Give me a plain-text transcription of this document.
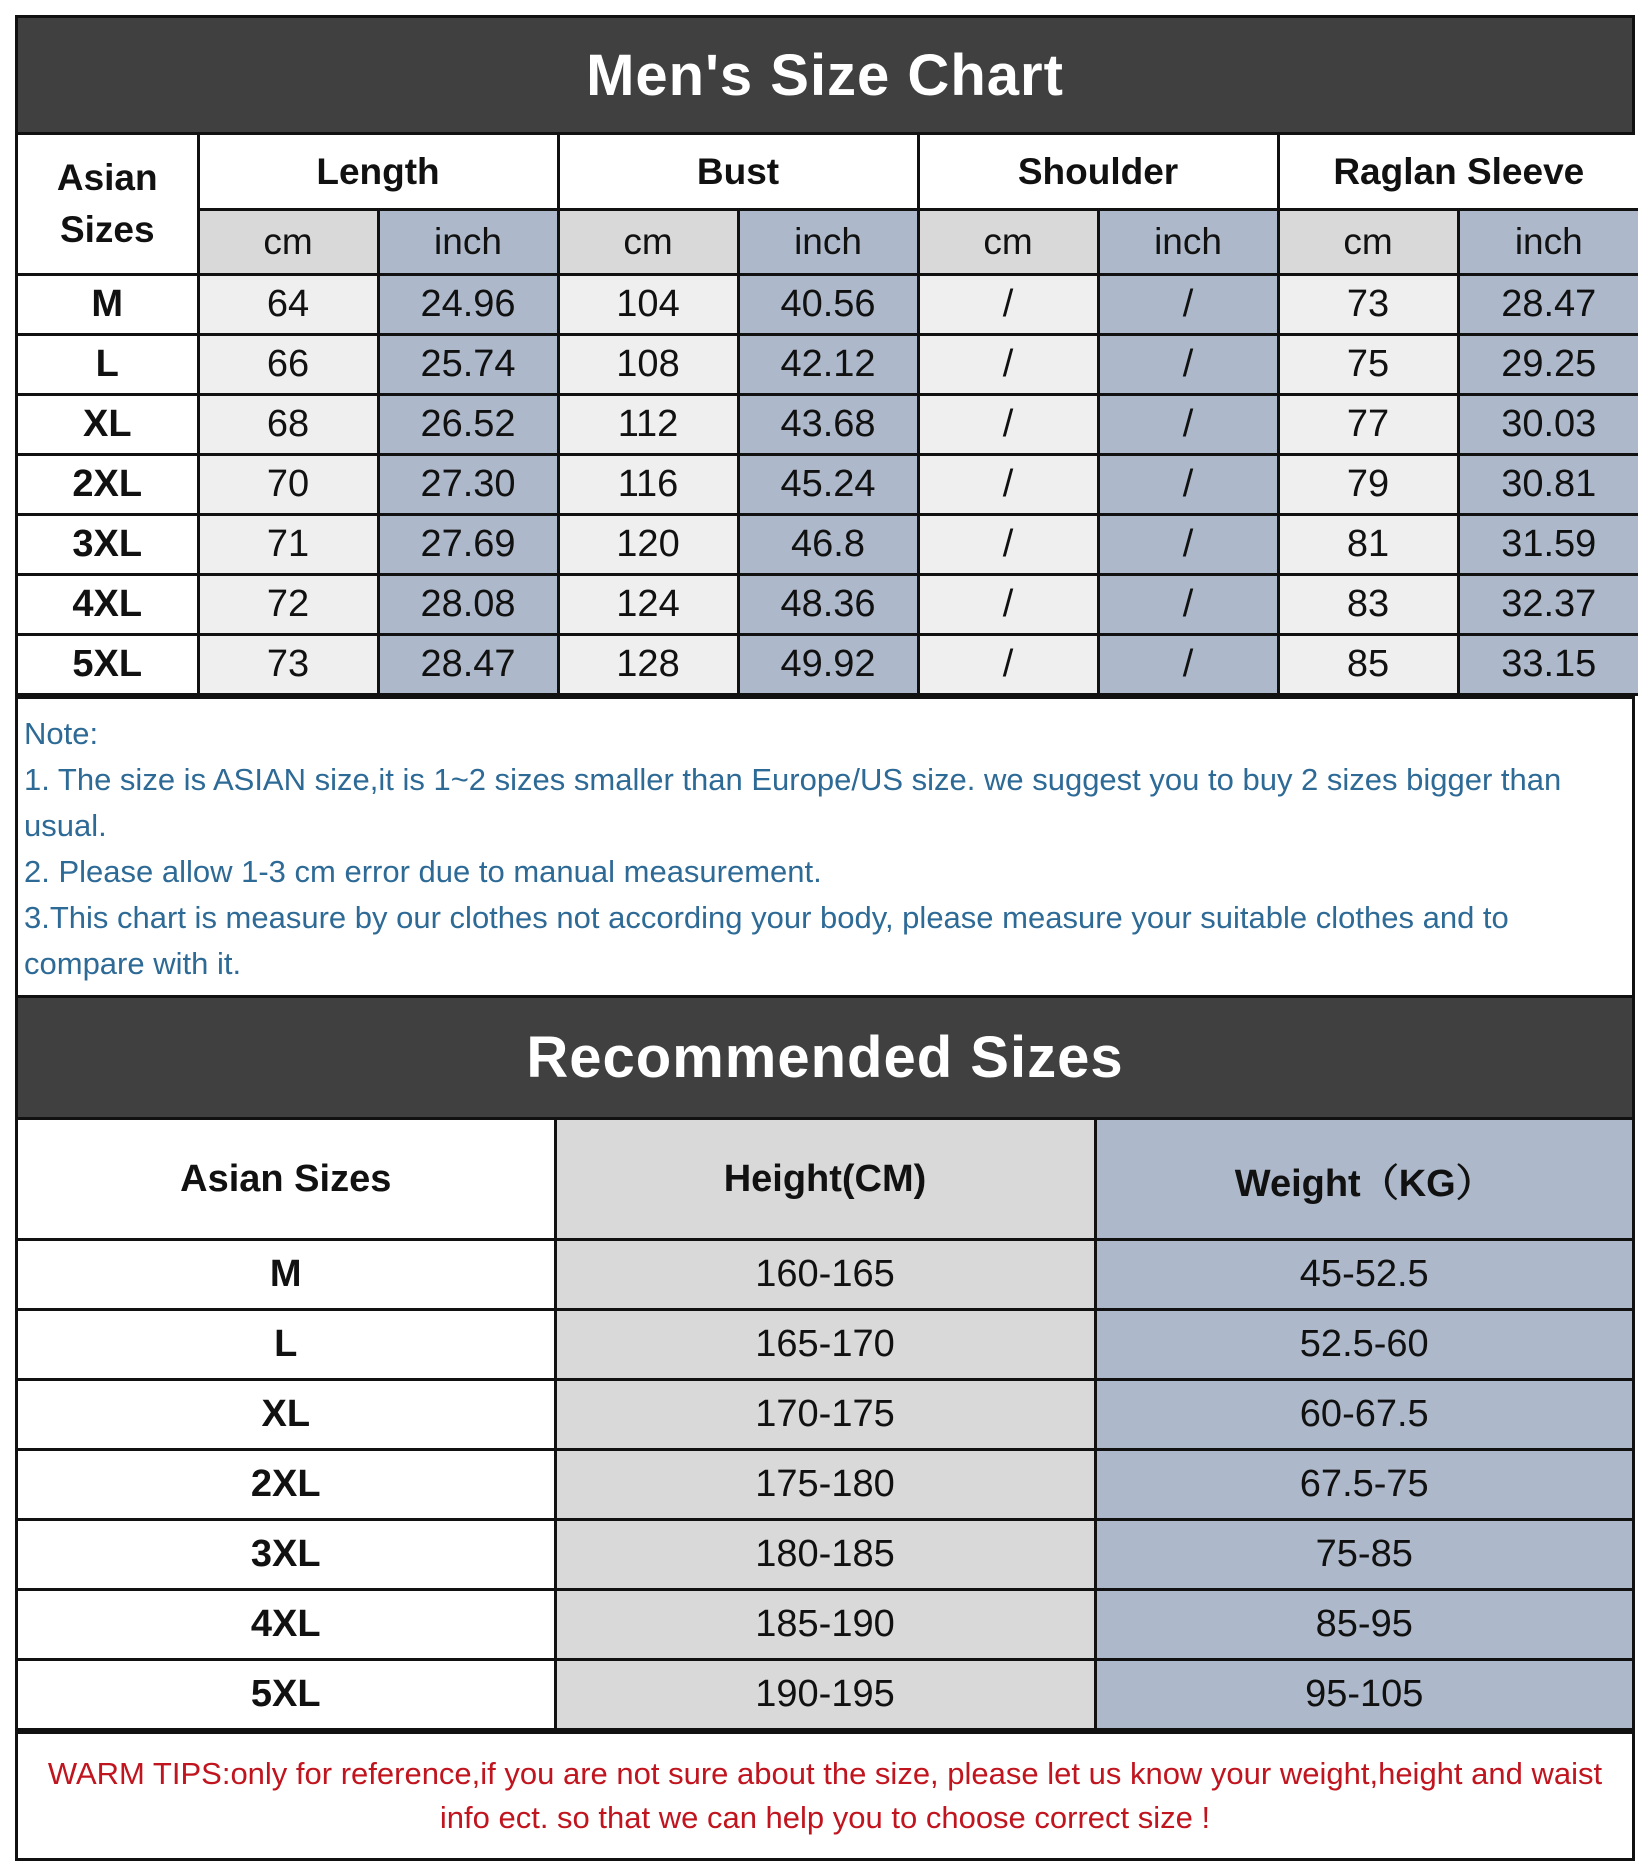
Men's Size Chart
Asian
Sizes	Length		Bust		Shoulder		Raglan Sleeve	
	cm	inch	cm	inch	cm	inch	cm	inch
M	64	24.96	104	40.56	/	/	73	28.47
L	66	25.74	108	42.12	/	/	75	29.25
XL	68	26.52	112	43.68	/	/	77	30.03
2XL	70	27.30	116	45.24	/	/	79	30.81
3XL	71	27.69	120	46.8	/	/	81	31.59
4XL	72	28.08	124	48.36	/	/	83	32.37
5XL	73	28.47	128	49.92	/	/	85	33.15

Note:

1. The size is ASIAN size,it is 1~2 sizes smaller than Europe/US size. we suggest you to buy 2 sizes bigger than usual.

2. Please allow 1-3 cm error due to manual measurement.

3.This chart is measure by our clothes not according your body, please measure your suitable clothes and to compare with it.

Recommended Sizes
Asian Sizes	Height(CM)	Weight（KG）
M	160-165	45-52.5
L	165-170	52.5-60
XL	170-175	60-67.5
2XL	175-180	67.5-75
3XL	180-185	75-85
4XL	185-190	85-95
5XL	190-195	95-105
WARM TIPS:only for reference,if you are not sure about the size, please let us know your weight,height and waist info ect. so that we can help you to choose correct size !
